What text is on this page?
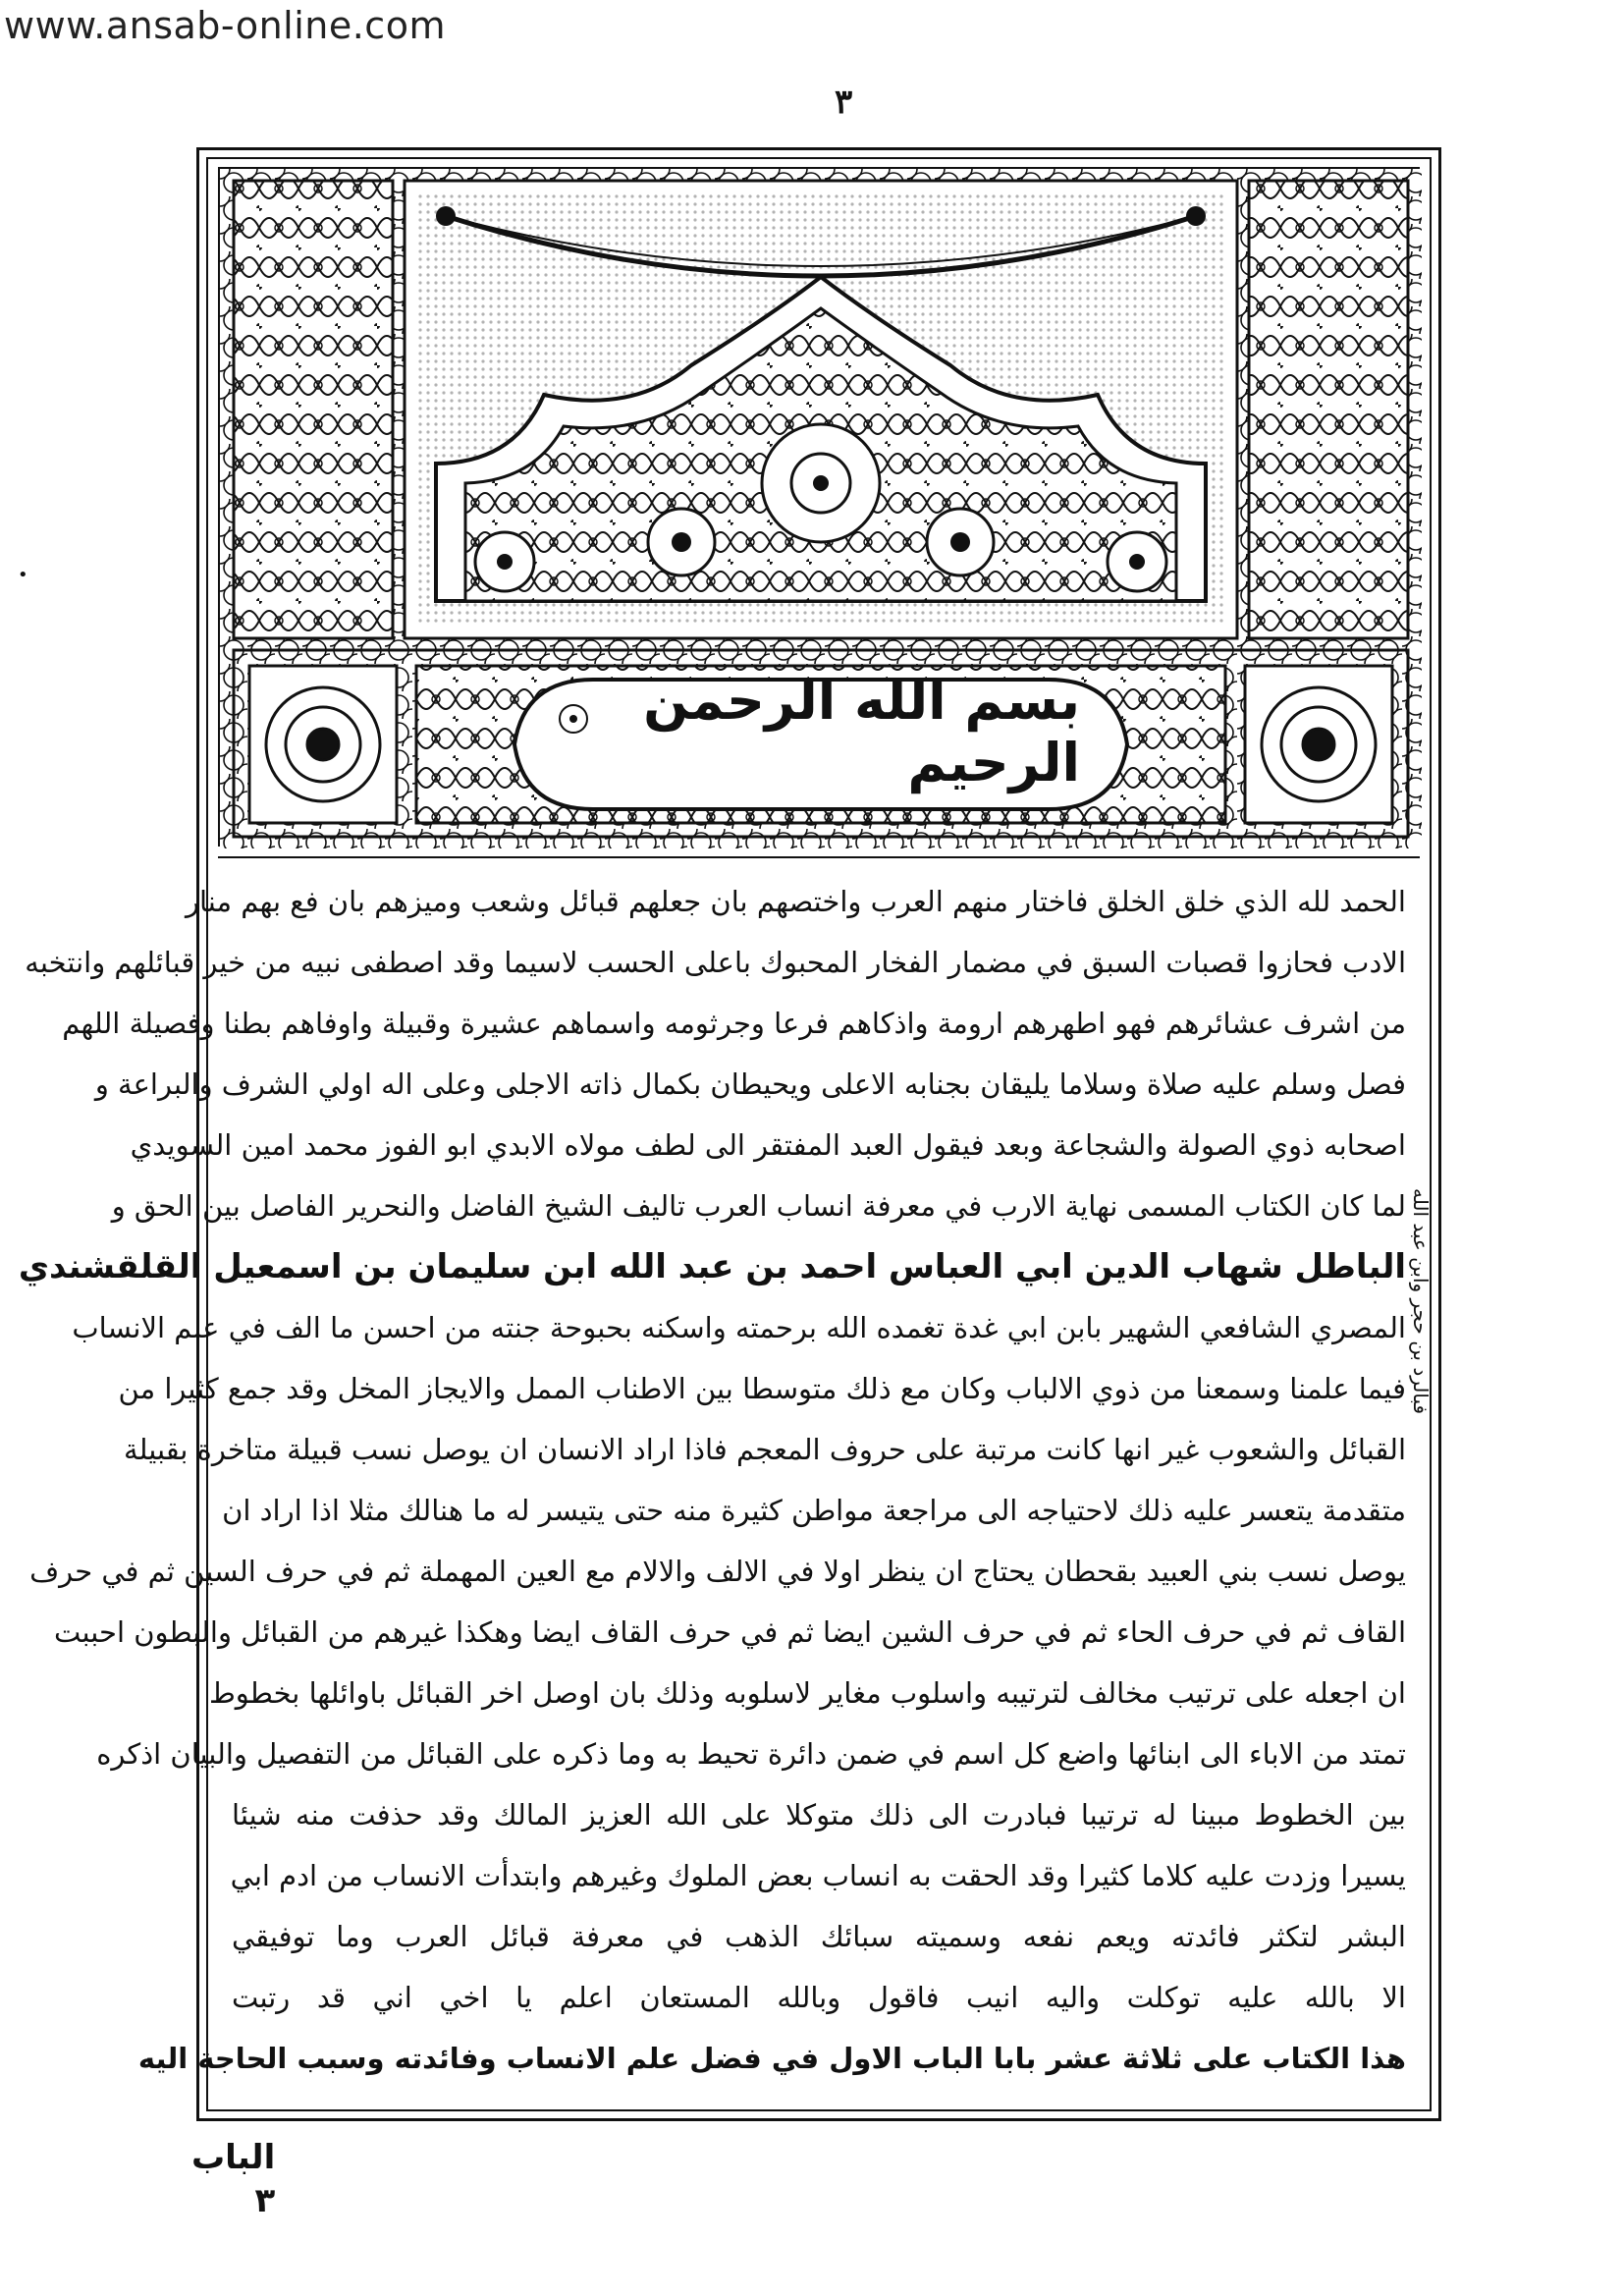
www.ansab-online.com
•
٣
بسم الله الرحمن الرحيم
الحمد لله الذي خلق الخلق فاختار منهم العرب واختصهم بان جعلهم قبائل وشعب وميزهم بان فع بهم منار
الادب فحازوا قصبات السبق في مضمار الفخار المحبوك باعلى الحسب لاسيما وقد اصطفى نبيه من خير قبائلهم وانتخبه
من اشرف عشائرهم فهو اطهرهم ارومة واذكاهم فرعا وجرثومه واسماهم عشيرة وقبيلة واوفاهم بطنا وفصيلة اللهم
فصل وسلم عليه صلاة وسلاما يليقان بجنابه الاعلى ويحيطان بكمال ذاته الاجلى وعلى اله اولي الشرف والبراعة و
اصحابه ذوي الصولة والشجاعة وبعد فيقول العبد المفتقر الى لطف مولاه الابدي ابو الفوز محمد امين السويدي
لما كان الكتاب المسمى نهاية الارب في معرفة انساب العرب تاليف الشيخ الفاضل والنحرير الفاصل بين الحق و
الباطل شهاب الدين ابي العباس احمد بن عبد الله ابن سليمان بن اسمعيل القلقشندي
المصري الشافعي الشهير بابن ابي غدة تغمده الله برحمته واسكنه بحبوحة جنته من احسن ما الف في علم الانساب
فيما علمنا وسمعنا من ذوي الالباب وكان مع ذلك متوسطا بين الاطناب الممل والايجاز المخل وقد جمع كثيرا من
القبائل والشعوب غير انها كانت مرتبة على حروف المعجم فاذا اراد الانسان ان يوصل نسب قبيلة متاخرة بقبيلة
متقدمة يتعسر عليه ذلك لاحتياجه الى مراجعة مواطن كثيرة منه حتى يتيسر له ما هنالك مثلا اذا اراد ان
يوصل نسب بني العبيد بقحطان يحتاج ان ينظر اولا في الالف والالام مع العين المهملة ثم في حرف السين ثم في حرف
القاف ثم في حرف الحاء ثم في حرف الشين ايضا ثم في حرف القاف ايضا وهكذا غيرهم من القبائل والبطون احببت
ان اجعله على ترتيب مخالف لترتيبه واسلوب مغاير لاسلوبه وذلك بان اوصل اخر القبائل باوائلها بخطوط
تمتد من الاباء الى ابنائها واضع كل اسم في ضمن دائرة تحيط به وما ذكره على القبائل من التفصيل والبيان اذكره
بين الخطوط مبينا له ترتيبا فبادرت الى ذلك متوكلا على الله العزيز المالك وقد حذفت منه شيئا
يسيرا وزدت عليه كلاما كثيرا وقد الحقت به انساب بعض الملوك وغيرهم وابتدأت الانساب من ادم ابي
البشر لتكثر فائدته ويعم نفعه وسميته سبائك الذهب في معرفة قبائل العرب وما توفيقي
الا بالله عليه توكلت واليه انيب فاقول وبالله المستعان اعلم يا اخي اني قد رتبت
هذا الكتاب على ثلاثة عشر بابا الباب الاول في فضل علم الانساب وفائدته وسبب الحاجة اليه
فبالرد بن حجر وابن عبد الله
الباب
٣
